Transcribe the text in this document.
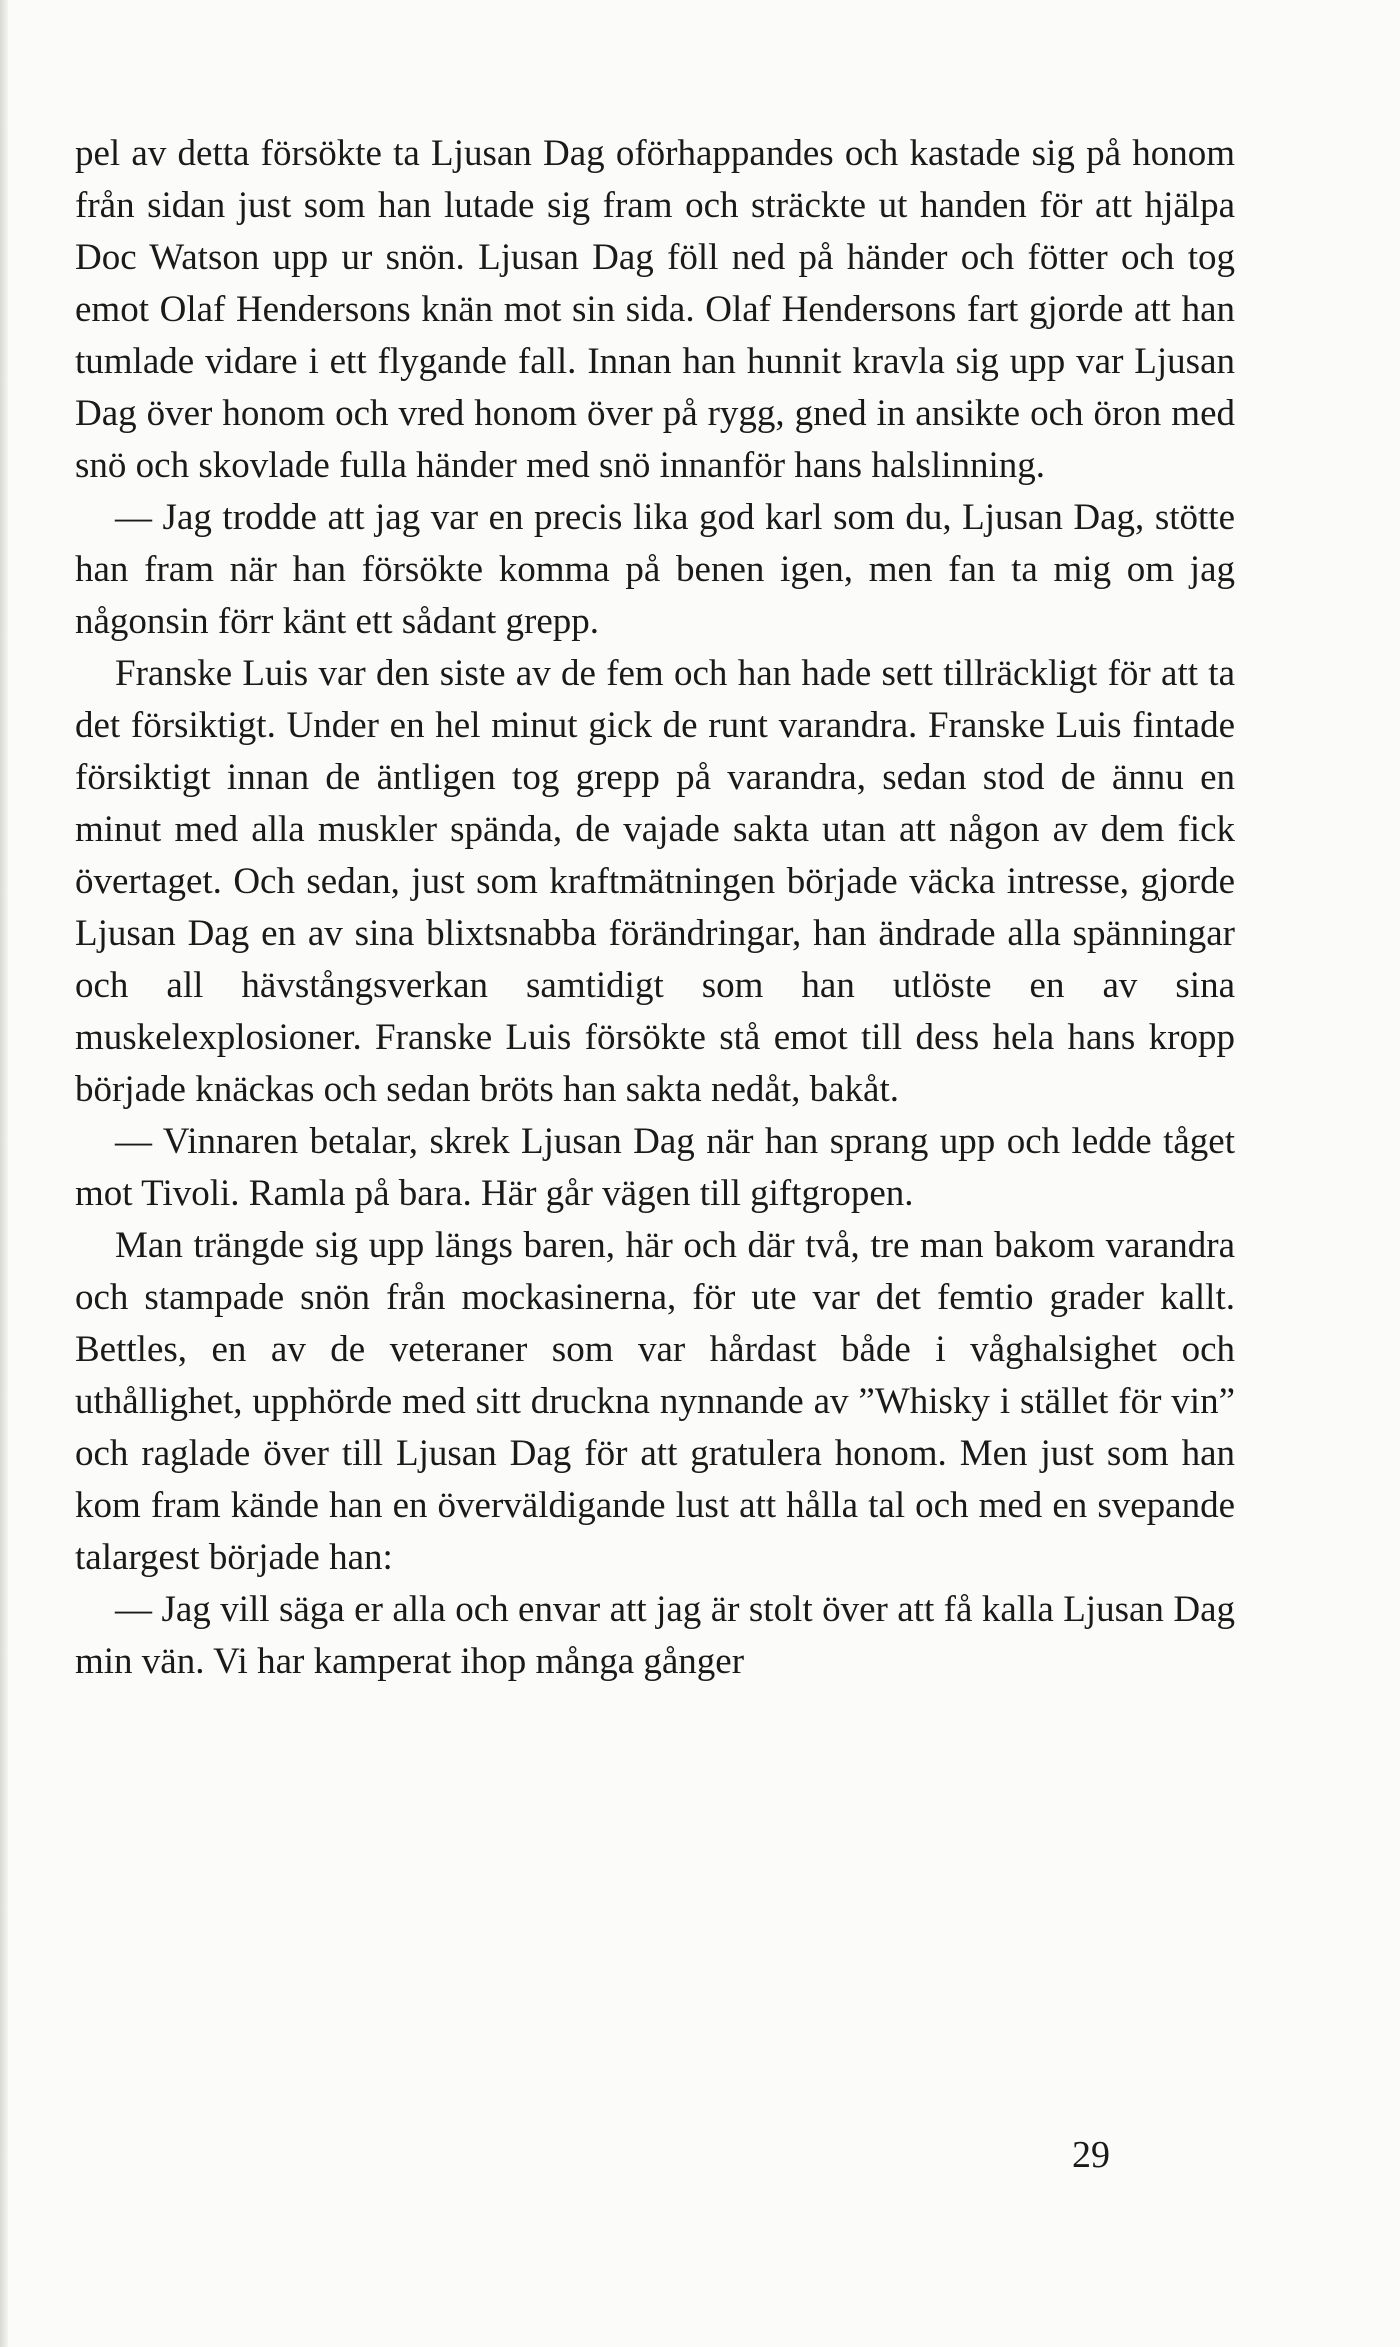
pel av detta försökte ta Ljusan Dag oförhappandes och kastade sig på honom från sidan just som han lutade sig fram och sträckte ut handen för att hjälpa Doc Watson upp ur snön. Ljusan Dag föll ned på händer och fötter och tog emot Olaf Hendersons knän mot sin sida. Olaf Hendersons fart gjorde att han tumlade vidare i ett flygande fall. Innan han hunnit kravla sig upp var Ljusan Dag över honom och vred honom över på rygg, gned in ansikte och öron med snö och skovlade fulla händer med snö innanför hans halslinning.

— Jag trodde att jag var en precis lika god karl som du, Ljusan Dag, stötte han fram när han försökte komma på benen igen, men fan ta mig om jag någonsin förr känt ett sådant grepp.

Franske Luis var den siste av de fem och han hade sett tillräckligt för att ta det försiktigt. Under en hel minut gick de runt varandra. Franske Luis fintade försiktigt innan de äntligen tog grepp på varandra, sedan stod de ännu en minut med alla muskler spända, de vajade sakta utan att någon av dem fick övertaget. Och sedan, just som kraftmätningen började väcka intresse, gjorde Ljusan Dag en av sina blixtsnabba förändringar, han ändrade alla spänningar och all hävstångsverkan samtidigt som han utlöste en av sina muskelexplosioner. Franske Luis försökte stå emot till dess hela hans kropp började knäckas och sedan bröts han sakta nedåt, bakåt.

— Vinnaren betalar, skrek Ljusan Dag när han sprang upp och ledde tåget mot Tivoli. Ramla på bara. Här går vägen till giftgropen.

Man trängde sig upp längs baren, här och där två, tre man bakom varandra och stampade snön från mockasinerna, för ute var det femtio grader kallt. Bettles, en av de veteraner som var hårdast både i våghalsighet och uthållighet, upphörde med sitt druckna nynnande av ”Whisky i stället för vin” och raglade över till Ljusan Dag för att gratulera honom. Men just som han kom fram kände han en överväldigande lust att hålla tal och med en svepande talargest började han:

— Jag vill säga er alla och envar att jag är stolt över att få kalla Ljusan Dag min vän. Vi har kamperat ihop många gånger

29
